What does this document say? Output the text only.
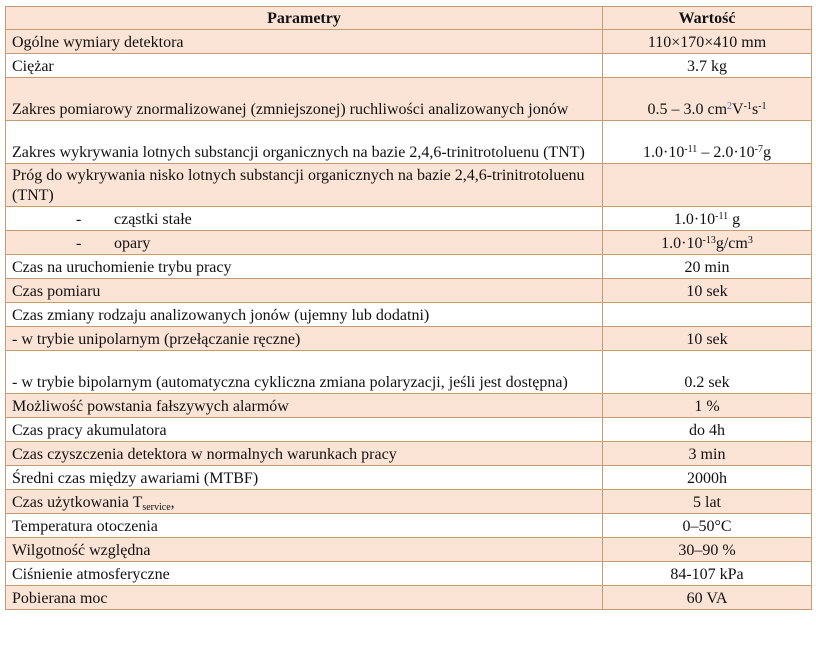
Parametry	Wartość
Ogólne wymiary detektora	110×170×410 mm
Ciężar	3.7 kg
Zakres pomiarowy znormalizowanej (zmniejszonej) ruchliwości analizowanych jonów	0.5 – 3.0 $cm^2V^{-1}s^{-1}$
Zakres wykrywania lotnych substancji organicznych na bazie 2,4,6-trinitrotoluenu (TNT)	$1.0\cdot 10^{-11} - 2.0\cdot 10^{-7}g$
Próg do wykrywania nisko lotnych substancji organicznych na bazie 2,4,6-trinitrotoluenu (TNT)	
- cząstki stałe	$1.0\cdot 10^{-11}$ g
- opary	$1.0\cdot 10^{-13}g/cm^3$
Czas na uruchomienie trybu pracy	20 min
Czas pomiaru	10 sek
Czas zmiany rodzaju analizowanych jonów (ujemny lub dodatni)	
- w trybie unipolarnym (przełączanie ręczne)	10 sek
- w trybie bipolarnym (automatyczna cykliczna zmiana polaryzacji, jeśli jest dostępna)	0.2 sek
Możliwość powstania fałszywych alarmów	1 %
Czas pracy akumulatora	do 4h
Czas czyszczenia detektora w normalnych warunkach pracy	3 min
Średni czas między awariami (MTBF)	2000h
Czas użytkowania $T_{service}$,	5 lat
Temperatura otoczenia	0–50°C
Wilgotność względna	30–90 %
Ciśnienie atmosferyczne	84-107 kPa
Pobierana moc	60 VA
